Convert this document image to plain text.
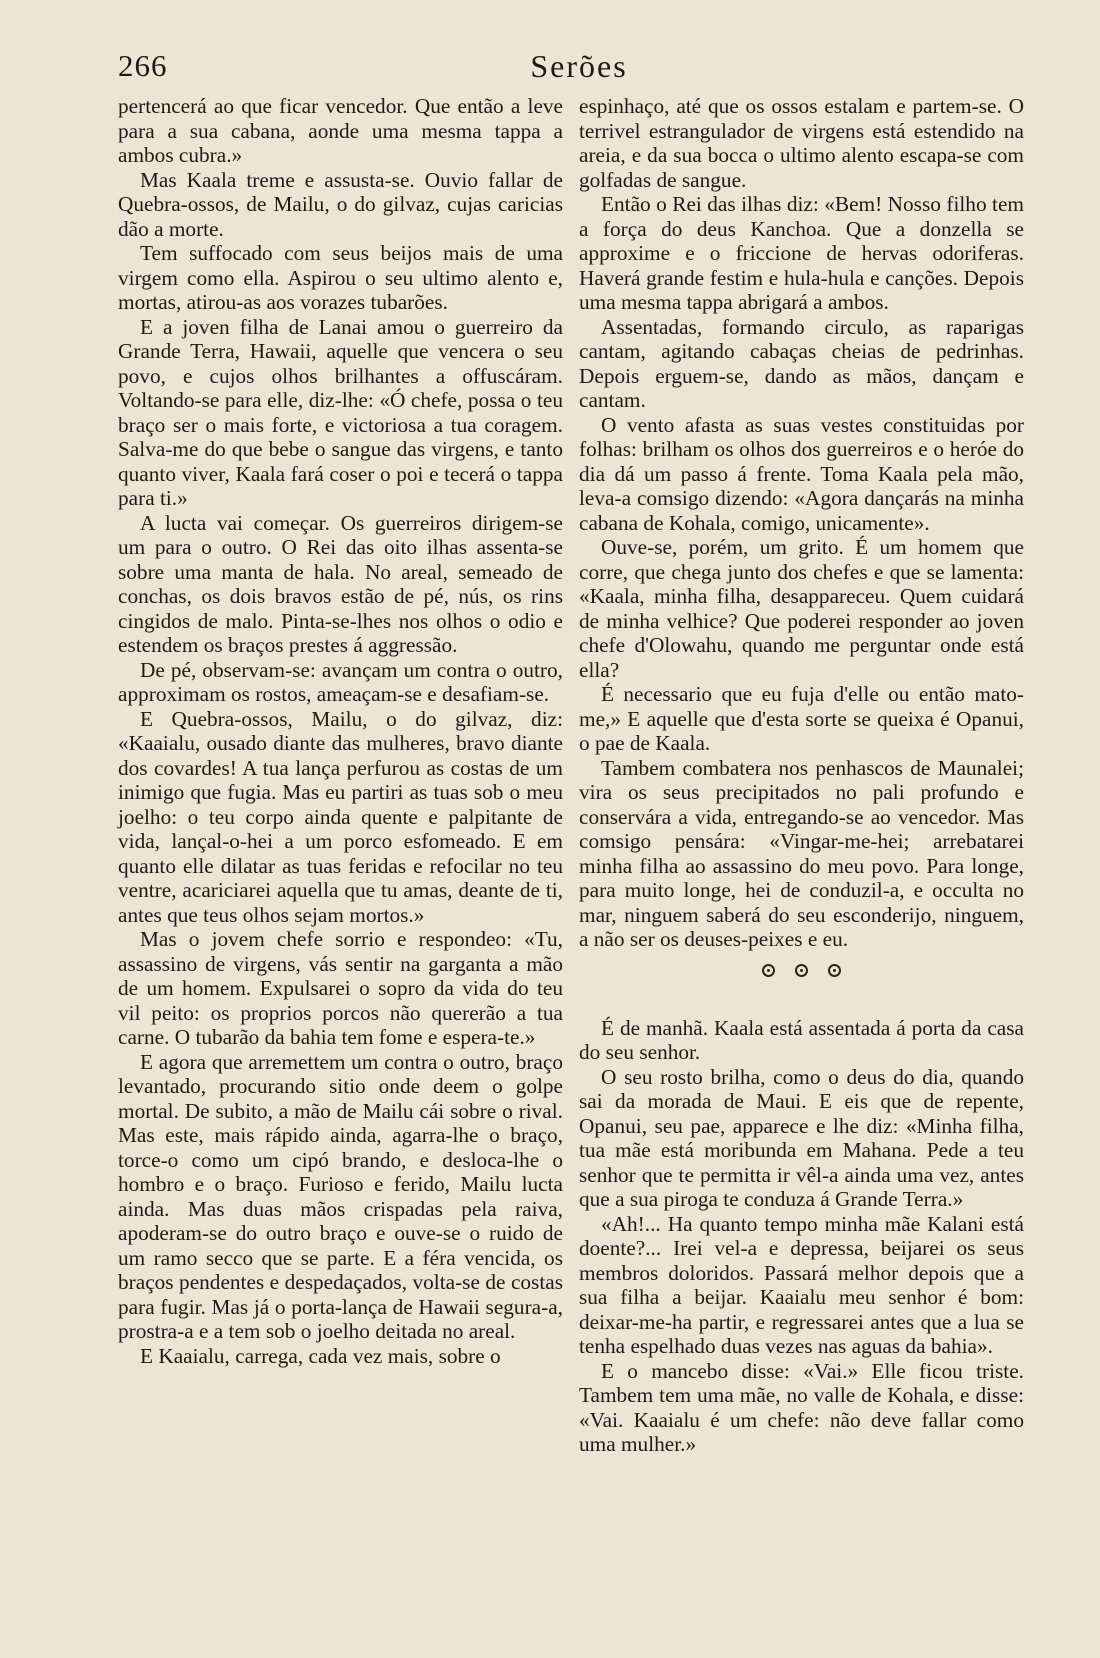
266	Serões

pertencerá ao que ficar vencedor. Que então a leve para a sua cabana, aonde uma mesma tappa a ambos cubra.»

Mas Kaala treme e assusta-se. Ouvio fallar de Quebra-ossos, de Mailu, o do gilvaz, cujas caricias dão a morte.

Tem suffocado com seus beijos mais de uma virgem como ella. Aspirou o seu ultimo alento e, mortas, atirou-as aos vorazes tubarões.

E a joven filha de Lanai amou o guerreiro da Grande Terra, Hawaii, aquelle que vencera o seu povo, e cujos olhos brilhantes a offuscáram. Voltando-se para elle, diz-lhe: «Ó chefe, possa o teu braço ser o mais forte, e victoriosa a tua coragem. Salva-me do que bebe o sangue das virgens, e tanto quanto viver, Kaala fará coser o poi e tecerá o tappa para ti.»

A lucta vai começar. Os guerreiros dirigem-se um para o outro. O Rei das oito ilhas assenta-se sobre uma manta de hala. No areal, semeado de conchas, os dois bravos estão de pé, nús, os rins cingidos de malo. Pinta-se-lhes nos olhos o odio e estendem os braços prestes á aggressão.

De pé, observam-se: avançam um contra o outro, approximam os rostos, ameaçam-se e desafiam-se.

E Quebra-ossos, Mailu, o do gilvaz, diz: «Kaaialu, ousado diante das mulheres, bravo diante dos covardes! A tua lança perfurou as costas de um inimigo que fugia. Mas eu partiri as tuas sob o meu joelho: o teu corpo ainda quente e palpitante de vida, lançal-o-hei a um porco esfomeado. E em quanto elle dilatar as tuas feridas e refocilar no teu ventre, acariciarei aquella que tu amas, deante de ti, antes que teus olhos sejam mortos.»

Mas o jovem chefe sorrio e respondeo: «Tu, assassino de virgens, vás sentir na garganta a mão de um homem. Expulsarei o sopro da vida do teu vil peito: os proprios porcos não quererão a tua carne. O tubarão da bahia tem fome e espera-te.»

E agora que arremettem um contra o outro, braço levantado, procurando sitio onde deem o golpe mortal. De subito, a mão de Mailu cái sobre o rival. Mas este, mais rápido ainda, agarra-lhe o braço, torce-o como um cipó brando, e desloca-lhe o hombro e o braço. Furioso e ferido, Mailu lucta ainda. Mas duas mãos crispadas pela raiva, apoderam-se do outro braço e ouve-se o ruido de um ramo secco que se parte. E a féra vencida, os braços pendentes e despedaçados, volta-se de costas para fugir. Mas já o porta-lança de Hawaii segura-a, prostra-a e a tem sob o joelho deitada no areal.

E Kaaialu, carrega, cada vez mais, sobre o

espinhaço, até que os ossos estalam e partem-se. O terrivel estrangulador de virgens está estendido na areia, e da sua bocca o ultimo alento escapa-se com golfadas de sangue.

Então o Rei das ilhas diz: «Bem! Nosso filho tem a força do deus Kanchoa. Que a donzella se approxime e o friccione de hervas odoriferas. Haverá grande festim e hula-hula e canções. Depois uma mesma tappa abrigará a ambos.

Assentadas, formando circulo, as raparigas cantam, agitando cabaças cheias de pedrinhas. Depois erguem-se, dando as mãos, dançam e cantam.

O vento afasta as suas vestes constituidas por folhas: brilham os olhos dos guerreiros e o heróe do dia dá um passo á frente. Toma Kaala pela mão, leva-a comsigo dizendo: «Agora dançarás na minha cabana de Kohala, comigo, unicamente».

Ouve-se, porém, um grito. É um homem que corre, que chega junto dos chefes e que se lamenta: «Kaala, minha filha, desappareceu. Quem cuidará de minha velhice? Que poderei responder ao joven chefe d'Olowahu, quando me perguntar onde está ella?

É necessario que eu fuja d'elle ou então mato-me,» E aquelle que d'esta sorte se queixa é Opanui, o pae de Kaala.

Tambem combatera nos penhascos de Maunalei; vira os seus precipitados no pali profundo e conservára a vida, entregando-se ao vencedor. Mas comsigo pensára: «Vingar-me-hei; arrebatarei minha filha ao assassino do meu povo. Para longe, para muito longe, hei de conduzil-a, e occulta no mar, ninguem saberá do seu esconderijo, ninguem, a não ser os deuses-peixes e eu.

É de manhã. Kaala está assentada á porta da casa do seu senhor.

O seu rosto brilha, como o deus do dia, quando sai da morada de Maui. E eis que de repente, Opanui, seu pae, apparece e lhe diz: «Minha filha, tua mãe está moribunda em Mahana. Pede a teu senhor que te permitta ir vêl-a ainda uma vez, antes que a sua piroga te conduza á Grande Terra.»

«Ah!... Ha quanto tempo minha mãe Kalani está doente?... Irei vel-a e depressa, beijarei os seus membros doloridos. Passará melhor depois que a sua filha a beijar. Kaaialu meu senhor é bom: deixar-me-ha partir, e regressarei antes que a lua se tenha espelhado duas vezes nas aguas da bahia».

E o mancebo disse: «Vai.» Elle ficou triste. Tambem tem uma mãe, no valle de Kohala, e disse: «Vai. Kaaialu é um chefe: não deve fallar como uma mulher.»
